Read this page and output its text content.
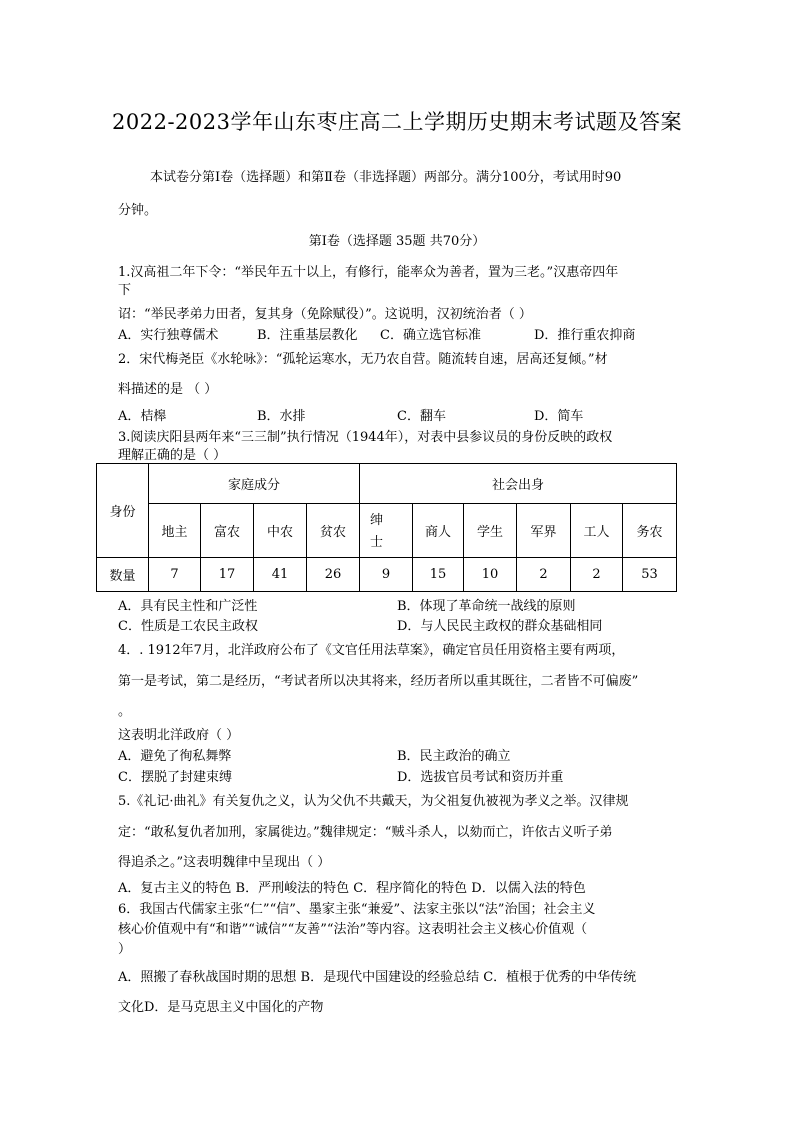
2022-2023学年山东枣庄高二上学期历史期末考试题及答案
本试卷分第Ⅰ卷（选择题）和第Ⅱ卷（非选择题）两部分。满分100分，考试用时90
分钟。
第Ⅰ卷（选择题 35题 共70分）
1.汉高祖二年下令：“举民年五十以上，有修行，能率众为善者，置为三老。”汉惠帝四年
下
诏：“举民孝弟力田者，复其身（免除赋役）”。这说明，汉初统治者（ ）
A．实行独尊儒术	B．注重基层教化 C．确立选官标准	D．推行重农抑商
2．宋代梅尧臣《水轮咏》：“孤轮运寒水，无乃农自营。随流转自速，居高还复倾。”材
料描述的是 （ ）
A．桔槔	B．水排	C．翻车	D．简车
3.阅读庆阳县两年来“三三制”执行情况（1944年），对表中县参议员的身份反映的政权
理解正确的是（ ）
身份	家庭成分				社会出身					
	地主	富农	中农	贫农	绅士	商人	学生	军界	工人	务农
数量	7	17	41	26	9	15	10	2	2	53
A．具有民主性和广泛性	B．体现了革命统一战线的原则
C．性质是工农民主政权	D．与人民民主政权的群众基础相同
4．. 1912年7月，北洋政府公布了《文官任用法草案》，确定官员任用资格主要有两项，
第一是考试，第二是经历，“考试者所以决其将来，经历者所以重其既往，二者皆不可偏废”
。
这表明北洋政府（ ）
A．避免了徇私舞弊	B．民主政治的确立
C．摆脱了封建束缚	D．选拔官员考试和资历并重
5.《礼记·曲礼》有关复仇之义，认为父仇不共戴天，为父祖复仇被视为孝义之举。汉律规
定：“敢私复仇者加刑，家属徙边。”魏律规定：“贼斗杀人，以劾而亡，许依古义听子弟
得追杀之。”这表明魏律中呈现出（ ）
A．复古主义的特色 B．严刑峻法的特色 C．程序简化的特色 D．以儒入法的特色
6．我国古代儒家主张“仁”“信”、墨家主张“兼爱”、法家主张以“法”治国；社会主义
核心价值观中有“和谐”“诚信”“友善”“法治”等内容。这表明社会主义核心价值观（
）
A．照搬了春秋战国时期的思想 B．是现代中国建设的经验总结 C．植根于优秀的中华传统
文化D．是马克思主义中国化的产物
